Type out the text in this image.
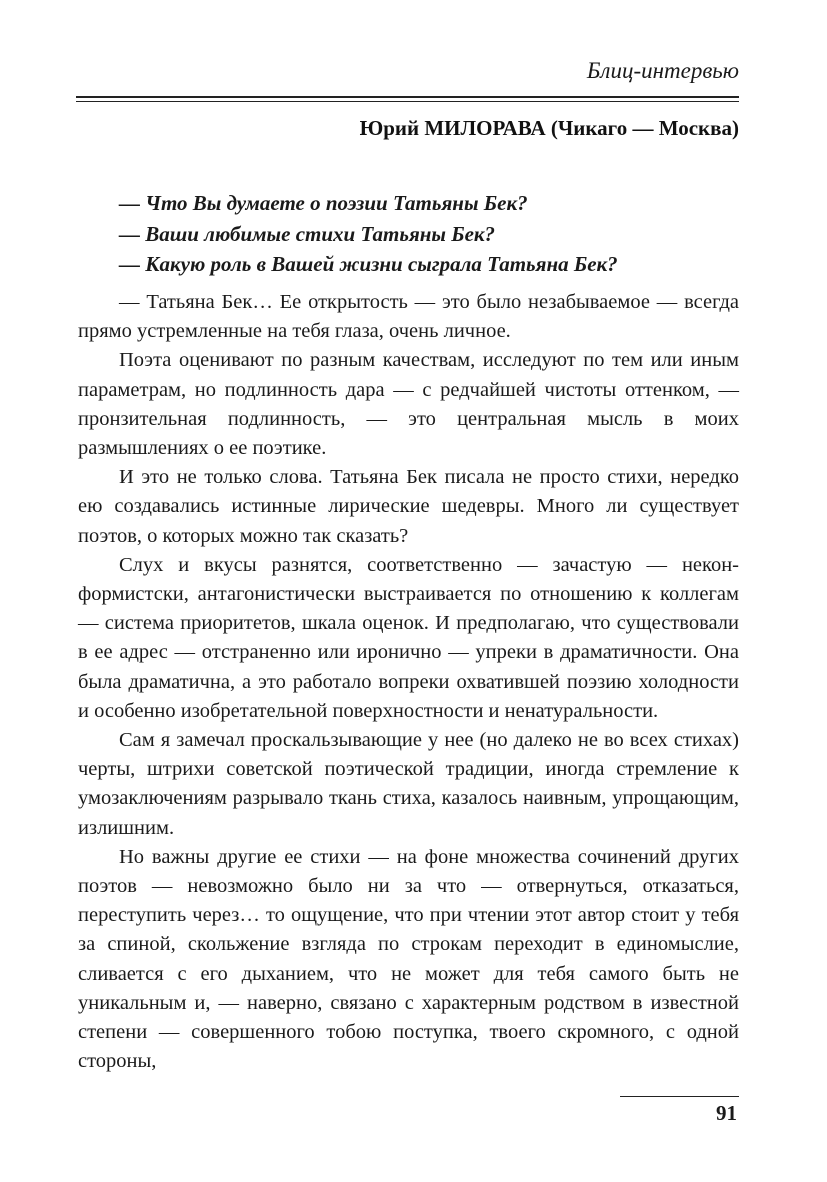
Блиц-интервью
Юрий МИЛОРАВА (Чикаго — Москва)
— Что Вы думаете о поэзии Татьяны Бек?
— Ваши любимые стихи Татьяны Бек?
— Какую роль в Вашей жизни сыграла Татьяна Бек?

— Татьяна Бек… Ее открытость — это было незабываемое — всегда прямо устремленные на тебя глаза, очень личное.

Поэта оценивают по разным качествам, исследуют по тем или иным параметрам, но подлинность дара — с редчайшей чистоты оттенком, — пронзительная подлинность, — это центральная мысль в моих размышлениях о ее поэтике.

И это не только слова. Татьяна Бек писала не просто стихи, нередко ею создавались истинные лирические шедевры. Много ли существует поэтов, о которых можно так сказать?

Слух и вкусы разнятся, соответственно — зачастую — неконформистски, антагонистически выстраивается по отношению к коллегам — система приоритетов, шкала оценок. И предполагаю, что существовали в ее адрес — отстраненно или иронично — упреки в драматичности. Она была драматична, а это работало вопреки охватившей поэзию холодности и особенно изобретательной поверхностности и ненатуральности.

Сам я замечал проскальзывающие у нее (но далеко не во всех стихах) черты, штрихи советской поэтической традиции, иногда стремление к умозаключениям разрывало ткань стиха, казалось наивным, упрощающим, излишним.

Но важны другие ее стихи — на фоне множества сочинений других поэтов — невозможно было ни за что — отвернуться, отказаться, переступить через… то ощущение, что при чтении этот автор стоит у тебя за спиной, скольжение взгляда по строкам переходит в единомыслие, сливается с его дыханием, что не может для тебя самого быть не уникальным и, — наверно, связано с характерным родством в известной степени — совершенного тобою поступка, твоего скромного, с одной стороны,

91
